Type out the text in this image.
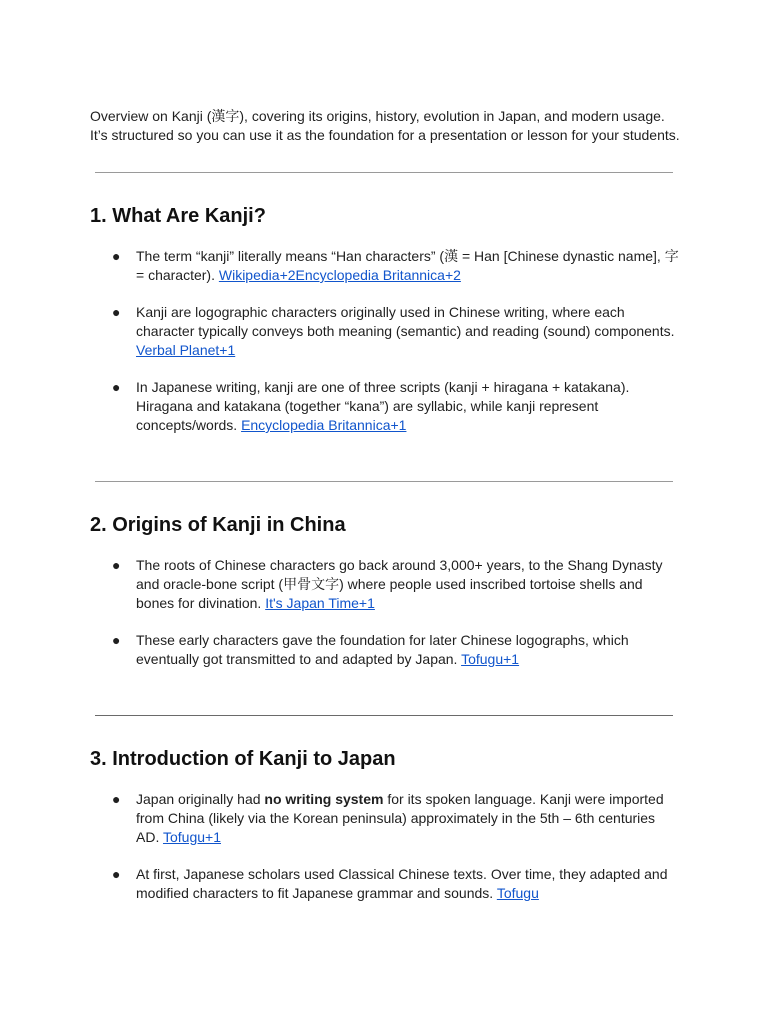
Overview on Kanji (漢字), covering its origins, history, evolution in Japan, and modern usage.
It’s structured so you can use it as the foundation for a presentation or lesson for your students.

1. What Are Kanji?
● The term “kanji” literally means “Han characters” (漢 = Han [Chinese dynastic name], 字 = character). Wikipedia+2Encyclopedia Britannica+2
● Kanji are logographic characters originally used in Chinese writing, where each character typically conveys both meaning (semantic) and reading (sound) components. Verbal Planet+1
● In Japanese writing, kanji are one of three scripts (kanji + hiragana + katakana). Hiragana and katakana (together “kana”) are syllabic, while kanji represent concepts/words. Encyclopedia Britannica+1
2. Origins of Kanji in China
● The roots of Chinese characters go back around 3,000+ years, to the Shang Dynasty and oracle-bone script (甲骨文字) where people used inscribed tortoise shells and bones for divination. It's Japan Time+1
● These early characters gave the foundation for later Chinese logographs, which eventually got transmitted to and adapted by Japan. Tofugu+1
3. Introduction of Kanji to Japan
● Japan originally had no writing system for its spoken language. Kanji were imported from China (likely via the Korean peninsula) approximately in the 5th – 6th centuries AD. Tofugu+1
● At first, Japanese scholars used Classical Chinese texts. Over time, they adapted and modified characters to fit Japanese grammar and sounds. Tofugu
